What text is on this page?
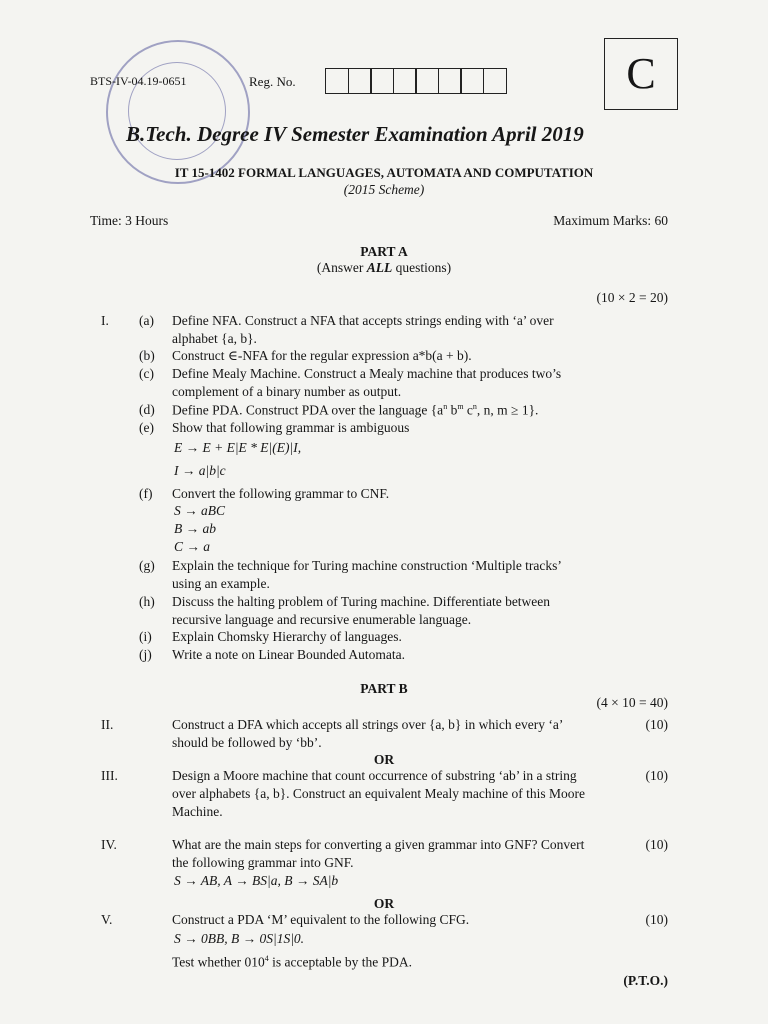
BTS-IV-04.19-0651	Reg. No.	C
B.Tech. Degree IV Semester Examination April 2019
IT 15-1402 FORMAL LANGUAGES, AUTOMATA AND COMPUTATION
(2015 Scheme)
Time: 3 Hours	Maximum Marks: 60
PART A
(Answer ALL questions)
(10 × 2 = 20)
I. (a) Define NFA. Construct a NFA that accepts strings ending with ‘a’ over
alphabet {a, b}.
(b) Construct ∈-NFA for the regular expression a*b(a + b).
(c) Define Mealy Machine. Construct a Mealy machine that produces two’s
complement of a binary number as output.
(d) Define PDA. Construct PDA over the language {$a^n$ $b^m$ $c^n$, n, m ≥ 1}.
(e) Show that following grammar is ambiguous
E → E + E|E * E|(E)|I,
I → a|b|c
(f) Convert the following grammar to CNF.
S → aBC
B → ab
C → a
(g) Explain the technique for Turing machine construction ‘Multiple tracks’
using an example.
(h) Discuss the halting problem of Turing machine. Differentiate between
recursive language and recursive enumerable language.
(i) Explain Chomsky Hierarchy of languages.
(j) Write a note on Linear Bounded Automata.
PART B
(4 × 10 = 40)
II.	Construct a DFA which accepts all strings over {a, b} in which every ‘a’
should be followed by ‘bb’.
(10)
OR
III.	Design a Moore machine that count occurrence of substring ‘ab’ in a string
over alphabets {a, b}. Construct an equivalent Mealy machine of this Moore
Machine.
(10)
IV.	What are the main steps for converting a given grammar into GNF? Convert
the following grammar into GNF.
S → AB, A → BS|a, B → SA|b
(10)
OR
V.	Construct a PDA ‘M’ equivalent to the following CFG.
S → 0BB, B → 0S|1S|0.
Test whether $010^4$ is acceptable by the PDA.
(10)
(P.T.O.)
